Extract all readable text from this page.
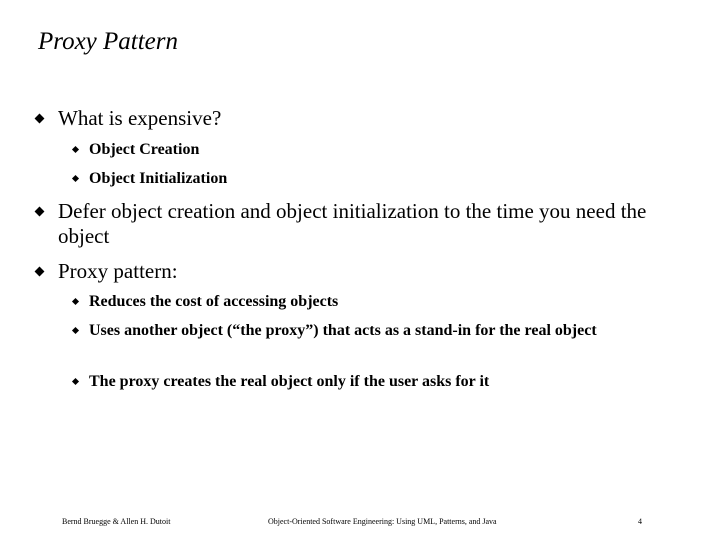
Proxy Pattern
What is expensive?
Object Creation
Object Initialization
Defer object creation and object initialization to the time you need the object
Proxy pattern:
Reduces the cost of accessing objects
Uses another object (“the proxy”) that acts as a stand-in for the real object
The proxy creates the real object only if the user asks for it
Bernd Bruegge & Allen H. Dutoit	Object-Oriented Software Engineering: Using UML, Patterns, and Java	4
